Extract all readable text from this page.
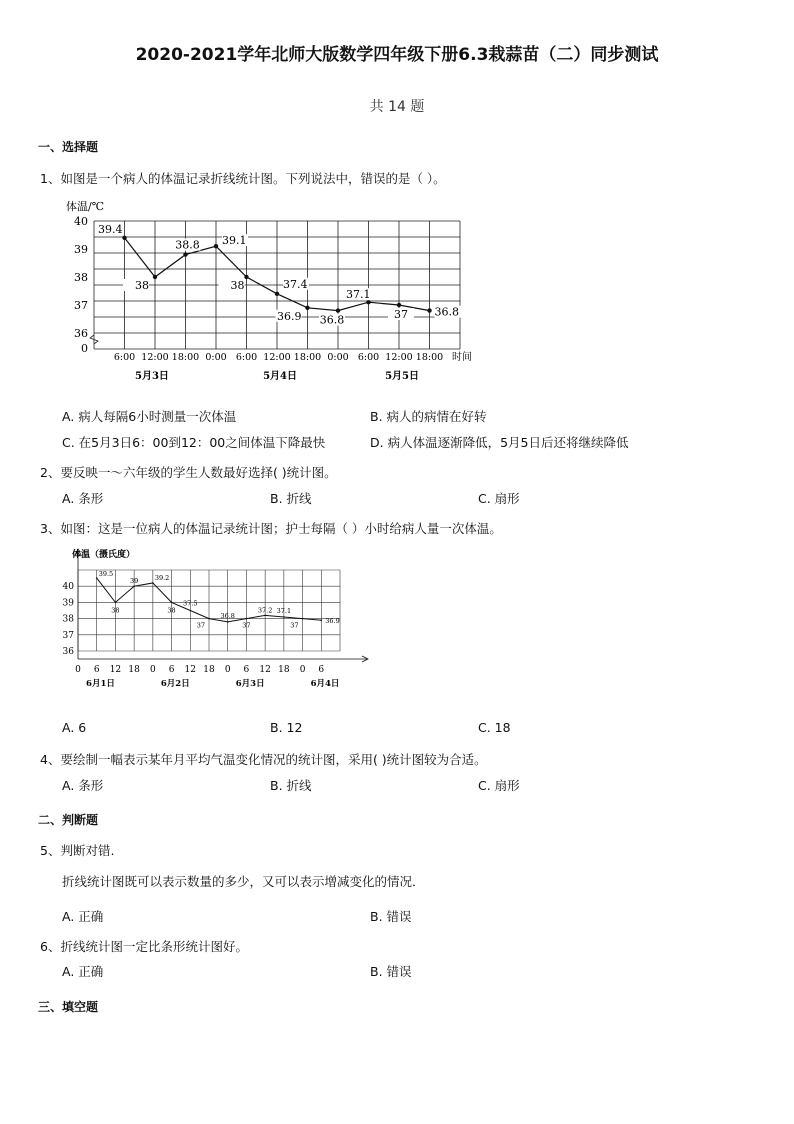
2020-2021学年北师大版数学四年级下册6.3栽蒜苗（二）同步测试
共 14 题
一、选择题
1、如图是一个病人的体温记录折线统计图。下列说法中，错误的是（ ）。
0
36
37
38
39
40
6:00 12:00 18:00 0:00 6:00 12:00 18:00 0:00 6:00 12:00 18:00
5月3日	5月4日	5月5日
体温/℃
时间
39.4
38
38.8 39.1
38	37.4
36.9 36.8
37.1
37 36.8
A. 病人每隔6小时测量一次体温	B. 病人的病情在好转
C. 在5月3日6：00到12：00之间体温下降最快	D. 病人体温逐渐降低，5月5日后还将继续降低
2、要反映一～六年级的学生人数最好选择( )统计图。
A. 条形	B. 折线	C. 扇形
3、如图：这是一位病人的体温记录统计图；护士每隔（ ）小时给病人量一次体温。
36
37
38
39
40
0 6 12 18 0 6 12 18 0 6 12 18 0 6
6月1日	6月2日	6月3日	6月4日
体温（摄氏度）
39.5
38
39	39.2
38
37.5
37
36.8
37
37.2 37.1
37
36.9
A. 6	B. 12	C. 18
4、要绘制一幅表示某年月平均气温变化情况的统计图，采用( )统计图较为合适。
A. 条形	B. 折线	C. 扇形
二、判断题
5、判断对错.
折线统计图既可以表示数量的多少，又可以表示增减变化的情况．
A. 正确	B. 错误
6、折线统计图一定比条形统计图好。
A. 正确	B. 错误
三、填空题
